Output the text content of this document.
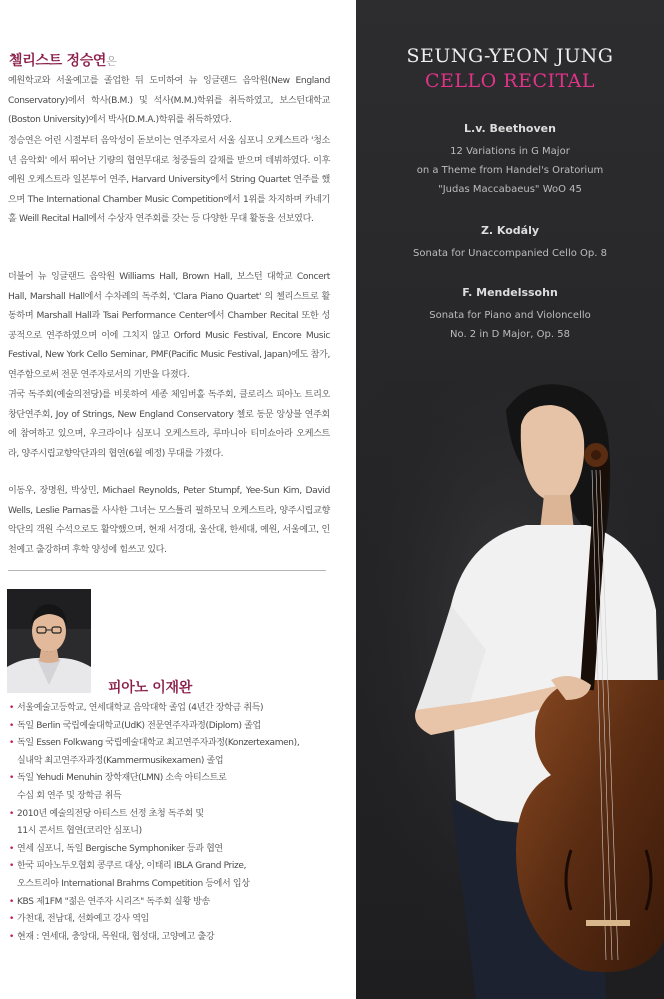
첼리스트 정승연은

예원학교와 서울예고를 졸업한 뒤 도미하여 뉴 잉글랜드 음악원(New England Conservatory)에서 학사(B.M.) 및 석사(M.M.)학위를 취득하였고, 보스턴대학교(Boston University)에서 박사(D.M.A.)학위를 취득하였다.

정승연은 어린 시절부터 음악성이 돋보이는 연주자로서 서울 심포니 오케스트라 '청소년 음악회' 에서 뛰어난 기량의 협연무대로 청중들의 갈채를 받으며 데뷔하였다. 이후 예원 오케스트라 일본투어 연주, Harvard University에서 String Quartet 연주를 했으며 The International Chamber Music Competition에서 1위를 차지하며 카네기 홀 Weill Recital Hall에서 수상자 연주회를 갖는 등 다양한 무대 활동을 선보였다.

더불어 뉴 잉글랜드 음악원 Williams Hall, Brown Hall, 보스턴 대학교 Concert Hall, Marshall Hall에서 수차례의 독주회, 'Clara Piano Quartet' 의 첼리스트로 활동하며 Marshall Hall과 Tsai Performance Center에서 Chamber Recital 또한 성공적으로 연주하였으며 이에 그치지 않고 Orford Music Festival, Encore Music Festival, New York Cello Seminar, PMF(Pacific Music Festival, Japan)에도 참가, 연주함으로써 전문 연주자로서의 기반을 다졌다.

귀국 독주회(예술의전당)를 비롯하여 세종 체임버홀 독주회, 클로리스 피아노 트리오 창단연주회, Joy of Strings, New England Conservatory 첼로 동문 앙상블 연주회에 참여하고 있으며, 우크라이나 심포니 오케스트라, 루마니아 티미쇼아라 오케스트라, 양주시립교향악단과의 협연(6월 예정) 무대를 가졌다.

이동우, 장명원, 박상민, Michael Reynolds, Peter Stumpf, Yee-Sun Kim, David Wells, Leslie Parnas를 사사한 그녀는 모스틀리 필하모닉 오케스트라, 양주시립교향악단의 객원 수석으로도 활약했으며, 현재 서경대, 울산대, 한세대, 예원, 서울예고, 인천예고 출강하며 후학 양성에 힘쓰고 있다.

피아노 이재완
• 서울예술고등학교, 연세대학교 음악대학 졸업 (4년간 장학금 취득)
• 독일 Berlin 국립예술대학교(UdK) 전문연주자과정(Diplom) 졸업
• 독일 Essen Folkwang 국립예술대학교 최고연주자과정(Konzertexamen),
실내악 최고연주자과정(Kammermusikexamen) 졸업
• 독일 Yehudi Menuhin 장학재단(LMN) 소속 아티스트로
수십 회 연주 및 장학금 취득
• 2010년 예술의전당 아티스트 선정 초청 독주회 및
11시 콘서트 협연(코리안 심포니)
• 연세 심포니, 독일 Bergische Symphoniker 등과 협연
• 한국 피아노두오협회 콩쿠르 대상, 이태리 IBLA Grand Prize,
오스트리아 International Brahms Competition 등에서 입상
• KBS 제1FM "젊은 연주자 시리즈" 독주회 실황 방송
• 가천대, 전남대, 선화예고 강사 역임
• 현재 : 연세대, 충앙대, 목원대, 협성대, 고양예고 출강
SEUNG-YEON JUNG
CELLO RECITAL
L.v. Beethoven
12 Variations in G Major
on a Theme from Handel's Oratorium
"Judas Maccabaeus" WoO 45
Z. Kodály
Sonata for Unaccompanied Cello Op. 8
F. Mendelssohn
Sonata for Piano and Violoncello
No. 2 in D Major, Op. 58
